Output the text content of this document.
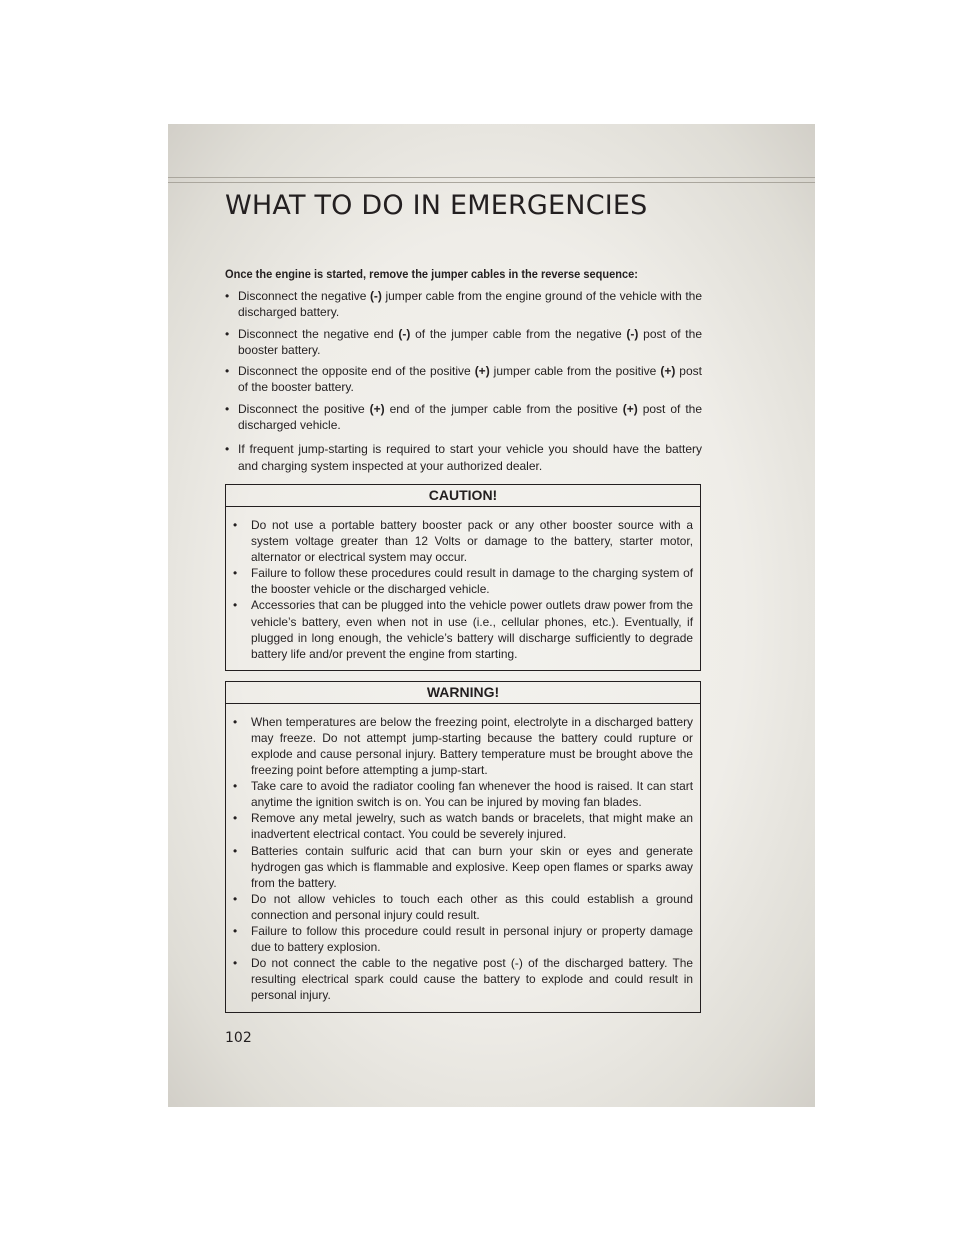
WHAT TO DO IN EMERGENCIES

Once the engine is started, remove the jumper cables in the reverse sequence:

• Disconnect the negative (-) jumper cable from the engine ground of the vehicle with the discharged battery.
• Disconnect the negative end (-) of the jumper cable from the negative (-) post of the booster battery.
• Disconnect the opposite end of the positive (+) jumper cable from the positive (+) post of the booster battery.
• Disconnect the positive (+) end of the jumper cable from the positive (+) post of the discharged vehicle.
• If frequent jump-starting is required to start your vehicle you should have the battery and charging system inspected at your authorized dealer.
CAUTION!
• Do not use a portable battery booster pack or any other booster source with a system voltage greater than 12 Volts or damage to the battery, starter motor, alternator or electrical system may occur.
• Failure to follow these procedures could result in damage to the charging system of the booster vehicle or the discharged vehicle.
• Accessories that can be plugged into the vehicle power outlets draw power from the vehicle’s battery, even when not in use (i.e., cellular phones, etc.). Eventually, if plugged in long enough, the vehicle’s battery will discharge sufficiently to degrade battery life and/or prevent the engine from starting.
WARNING!
• When temperatures are below the freezing point, electrolyte in a discharged battery may freeze. Do not attempt jump-starting because the battery could rupture or explode and cause personal injury. Battery temperature must be brought above the freezing point before attempting a jump-start.
• Take care to avoid the radiator cooling fan whenever the hood is raised. It can start anytime the ignition switch is on. You can be injured by moving fan blades.
• Remove any metal jewelry, such as watch bands or bracelets, that might make an inadvertent electrical contact. You could be severely injured.
• Batteries contain sulfuric acid that can burn your skin or eyes and generate hydrogen gas which is flammable and explosive. Keep open flames or sparks away from the battery.
• Do not allow vehicles to touch each other as this could establish a ground connection and personal injury could result.
• Failure to follow this procedure could result in personal injury or property damage due to battery explosion.
• Do not connect the cable to the negative post (-) of the discharged battery. The resulting electrical spark could cause the battery to explode and could result in personal injury.
102
